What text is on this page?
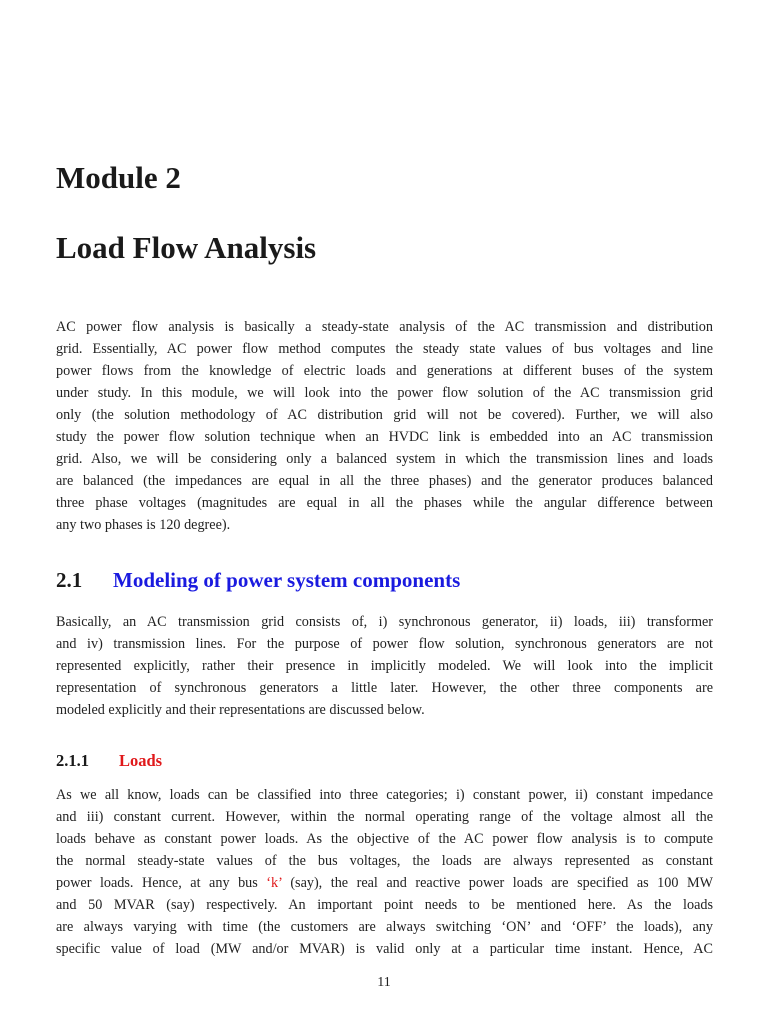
Module 2
Load Flow Analysis
AC power flow analysis is basically a steady-state analysis of the AC transmission and distribution
grid. Essentially, AC power flow method computes the steady state values of bus voltages and line
power flows from the knowledge of electric loads and generations at different buses of the system
under study. In this module, we will look into the power flow solution of the AC transmission grid
only (the solution methodology of AC distribution grid will not be covered). Further, we will also
study the power flow solution technique when an HVDC link is embedded into an AC transmission
grid. Also, we will be considering only a balanced system in which the transmission lines and loads
are balanced (the impedances are equal in all the three phases) and the generator produces balanced
three phase voltages (magnitudes are equal in all the phases while the angular difference between
any two phases is 120 degree).
2.1 Modeling of power system components
Basically, an AC transmission grid consists of, i) synchronous generator, ii) loads, iii) transformer
and iv) transmission lines. For the purpose of power flow solution, synchronous generators are not
represented explicitly, rather their presence in implicitly modeled. We will look into the implicit
representation of synchronous generators a little later. However, the other three components are
modeled explicitly and their representations are discussed below.
2.1.1 Loads
As we all know, loads can be classified into three categories; i) constant power, ii) constant impedance
and iii) constant current. However, within the normal operating range of the voltage almost all the
loads behave as constant power loads. As the objective of the AC power flow analysis is to compute
the normal steady-state values of the bus voltages, the loads are always represented as constant
power loads. Hence, at any bus ‘k’ (say), the real and reactive power loads are specified as 100 MW
and 50 MVAR (say) respectively. An important point needs to be mentioned here. As the loads
are always varying with time (the customers are always switching ‘ON’ and ‘OFF’ the loads), any
specific value of load (MW and/or MVAR) is valid only at a particular time instant. Hence, AC
11
